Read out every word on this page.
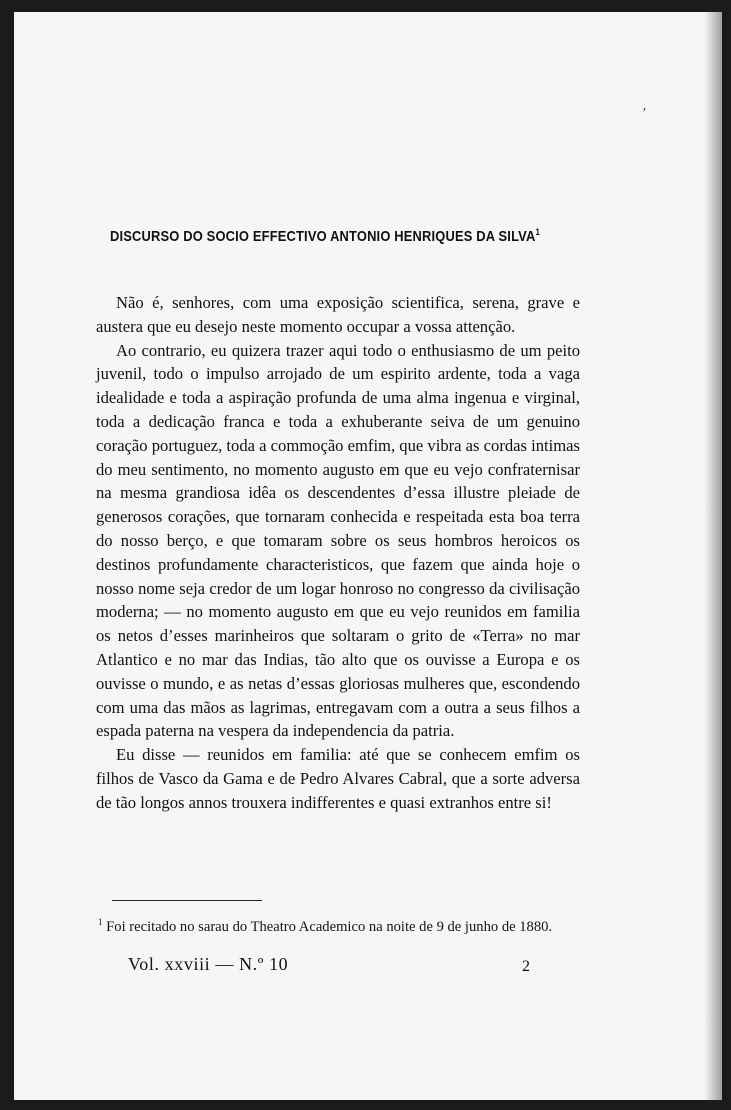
’
DISCURSO DO SOCIO EFFECTIVO ANTONIO HENRIQUES DA SILVA$^1$

Não é, senhores, com uma exposição scientifica, serena, grave e austera que eu desejo neste momento occupar a vossa attenção.

Ao contrario, eu quizera trazer aqui todo o enthusiasmo de um peito juvenil, todo o impulso arrojado de um espirito ardente, toda a vaga idealidade e toda a aspiração profunda de uma alma ingenua e virginal, toda a dedicação franca e toda a exhuberante seiva de um genuino coração portuguez, toda a commoção emfim, que vibra as cordas intimas do meu sentimento, no momento augusto em que eu vejo confraternisar na mesma grandiosa idêa os descendentes d’essa illustre pleiade de generosos corações, que tornaram conhecida e respeitada esta boa terra do nosso berço, e que tomaram sobre os seus hombros heroicos os destinos profundamente characteristicos, que fazem que ainda hoje o nosso nome seja credor de um logar honroso no congresso da civilisação moderna; — no momento augusto em que eu vejo reunidos em familia os netos d’esses marinheiros que soltaram o grito de «Terra» no mar Atlantico e no mar das Indias, tão alto que os ouvisse a Europa e os ouvisse o mundo, e as netas d’essas gloriosas mulheres que, escondendo com uma das mãos as lagrimas, entregavam com a outra a seus filhos a espada paterna na vespera da independencia da patria.

Eu disse — reunidos em familia: até que se conhecem emfim os filhos de Vasco da Gama e de Pedro Alvares Cabral, que a sorte adversa de tão longos annos trouxera indifferentes e quasi extranhos entre si!

$^1$ Foi recitado no sarau do Theatro Academico na noite de 9 de junho de 1880.
Vol. xxviii — N.º 10	2
